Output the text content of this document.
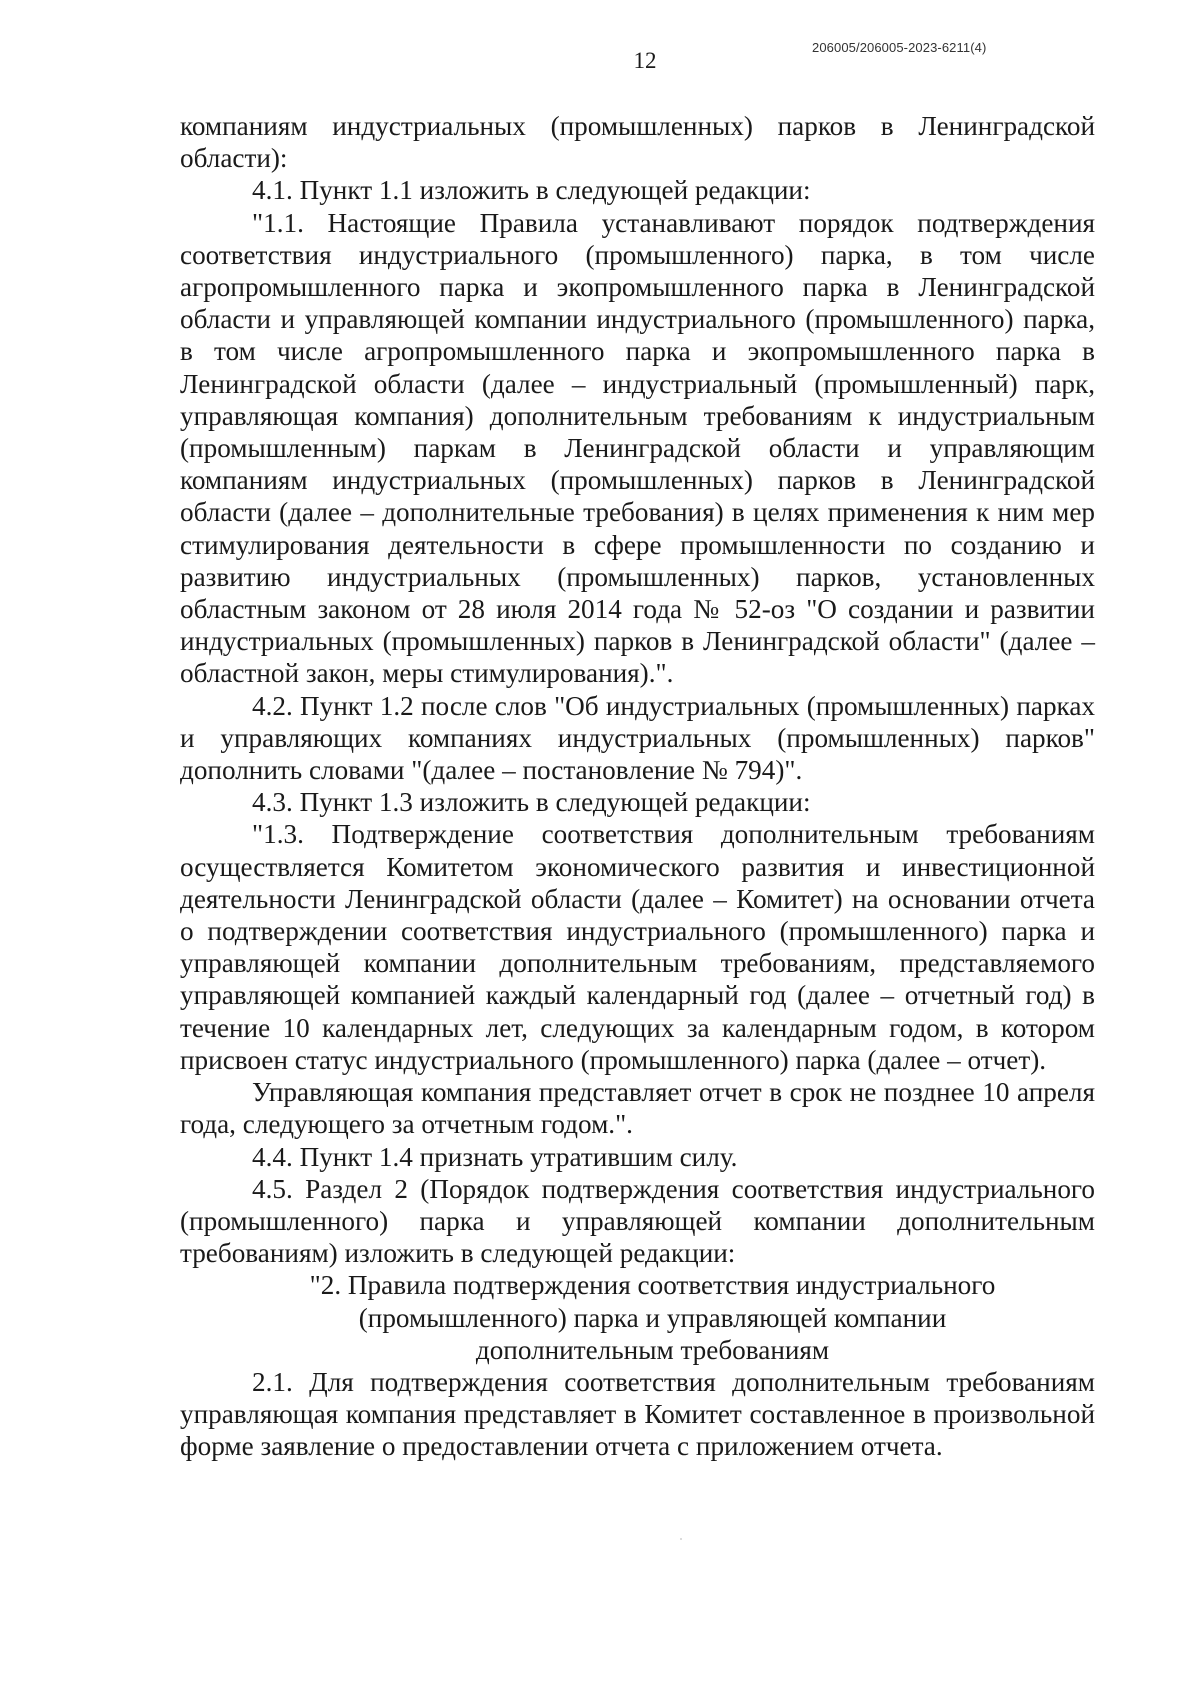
206005/206005-2023-6211(4)
12

компаниям индустриальных (промышленных) парков в Ленинградской области):

4.1. Пункт 1.1 изложить в следующей редакции:

"1.1. Настоящие Правила устанавливают порядок подтверждения соответствия индустриального (промышленного) парка, в том числе агропромышленного парка и экопромышленного парка в Ленинградской области и управляющей компании индустриального (промышленного) парка, в том числе агропромышленного парка и экопромышленного парка в Ленинградской области (далее – индустриальный (промышленный) парк, управляющая компания) дополнительным требованиям к индустриальным (промышленным) паркам в Ленинградской области и управляющим компаниям индустриальных (промышленных) парков в Ленинградской области (далее – дополнительные требования) в целях применения к ним мер стимулирования деятельности в сфере промышленности по созданию и развитию индустриальных (промышленных) парков, установленных областным законом от 28 июля 2014 года № 52-оз "О создании и развитии индустриальных (промышленных) парков в Ленинградской области" (далее – областной закон, меры стимулирования).".

4.2. Пункт 1.2 после слов "Об индустриальных (промышленных) парках и управляющих компаниях индустриальных (промышленных) парков" дополнить словами "(далее – постановление № 794)".

4.3. Пункт 1.3 изложить в следующей редакции:

"1.3. Подтверждение соответствия дополнительным требованиям осуществляется Комитетом экономического развития и инвестиционной деятельности Ленинградской области (далее – Комитет) на основании отчета о подтверждении соответствия индустриального (промышленного) парка и управляющей компании дополнительным требованиям, представляемого управляющей компанией каждый календарный год (далее – отчетный год) в течение 10 календарных лет, следующих за календарным годом, в котором присвоен статус индустриального (промышленного) парка (далее – отчет).

Управляющая компания представляет отчет в срок не позднее 10 апреля года, следующего за отчетным годом.".

4.4. Пункт 1.4 признать утратившим силу.

4.5. Раздел 2 (Порядок подтверждения соответствия индустриального (промышленного) парка и управляющей компании дополнительным требованиям) изложить в следующей редакции:

"2. Правила подтверждения соответствия индустриального
(промышленного) парка и управляющей компании
дополнительным требованиям

2.1. Для подтверждения соответствия дополнительным требованиям управляющая компания представляет в Комитет составленное в произвольной форме заявление о предоставлении отчета с приложением отчета.
